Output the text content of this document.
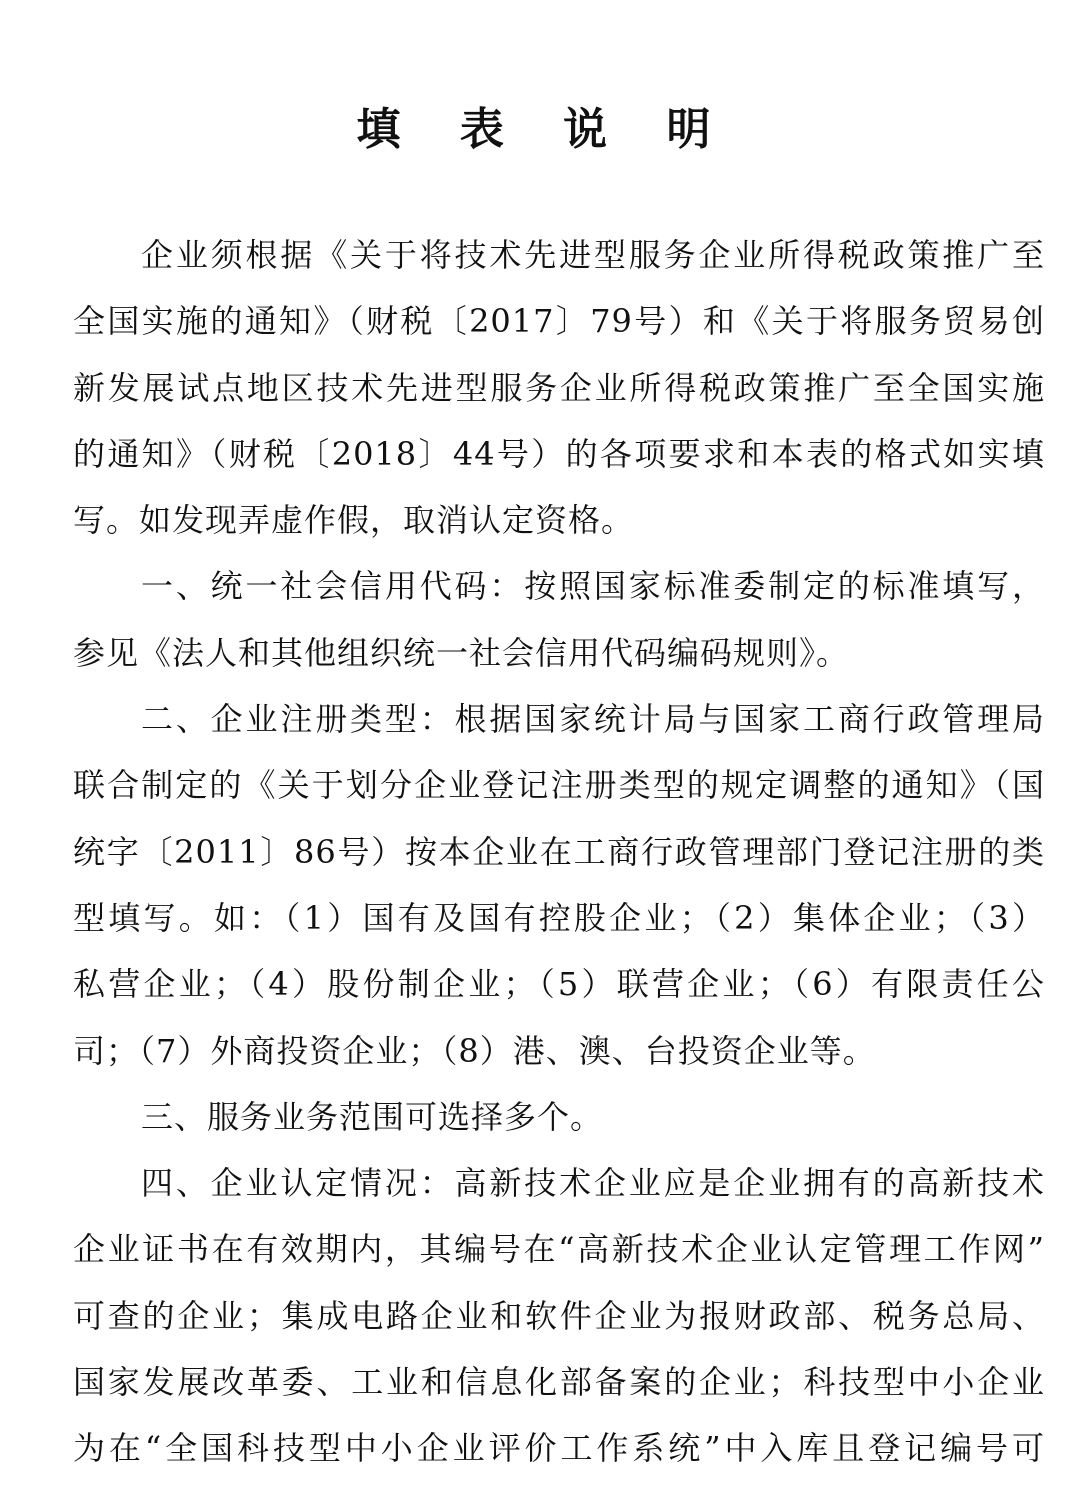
填 表 说 明
企业须根据《关于将技术先进型服务企业所得税政策推广至
全国实施的通知》（财税〔2017〕79号）和《关于将服务贸易创
新发展试点地区技术先进型服务企业所得税政策推广至全国实施
的通知》（财税〔2018〕44号）的各项要求和本表的格式如实填
写。如发现弄虚作假，取消认定资格。
一、统一社会信用代码：按照国家标准委制定的标准填写，
参见《法人和其他组织统一社会信用代码编码规则》。
二、企业注册类型：根据国家统计局与国家工商行政管理局
联合制定的《关于划分企业登记注册类型的规定调整的通知》（国
统字〔2011〕86号）按本企业在工商行政管理部门登记注册的类
型填写。如：（1）国有及国有控股企业；（2）集体企业；（3）
私营企业；（4）股份制企业；（5）联营企业；（6）有限责任公
司；（7）外商投资企业；（8）港、澳、台投资企业等。
三、服务业务范围可选择多个。
四、企业认定情况：高新技术企业应是企业拥有的高新技术
企业证书在有效期内，其编号在“高新技术企业认定管理工作网”
可查的企业；集成电路企业和软件企业为报财政部、税务总局、
国家发展改革委、工业和信息化部备案的企业；科技型中小企业
为在“全国科技型中小企业评价工作系统”中入库且登记编号可
